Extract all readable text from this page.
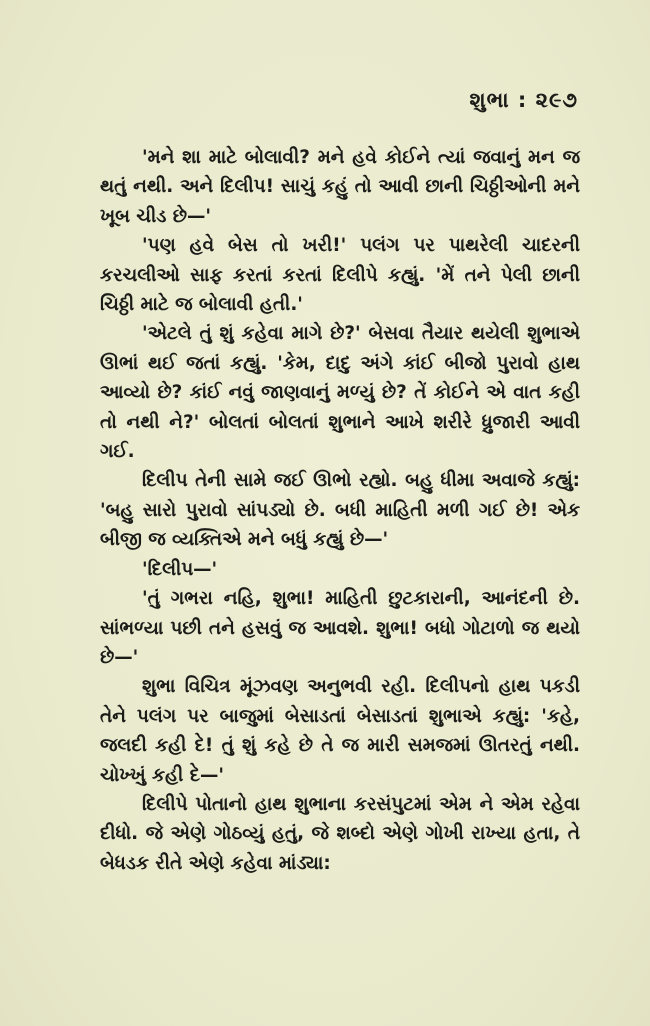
શુભા : ૨૯૭

'મને શા માટે બોલાવી? મને હવે કોઈને ત્યાં જવાનું મન જ થતું નથી. અને દિલીપ! સાચું કહું તો આવી છાની ચિઠ્ઠીઓની મને ખૂબ ચીડ છે—'

'પણ હવે બેસ તો ખરી!' પલંગ પર પાથરેલી ચાદરની કરચલીઓ સાફ કરતાં કરતાં દિલીપે કહ્યું. 'મેં તને પેલી છાની ચિઠ્ઠી માટે જ બોલાવી હતી.'

'એટલે તું શું કહેવા માગે છે?' બેસવા તૈયાર થયેલી શુભાએ ઊભાં થઈ જતાં કહ્યું. 'કેમ, દાદુ અંગે કાંઈ બીજો પુરાવો હાથ આવ્યો છે? કાંઈ નવું જાણવાનું મળ્યું છે? તેં કોઈને એ વાત કહી તો નથી ને?' બોલતાં બોલતાં શુભાને આખે શરીરે ધ્રુજારી આવી ગઈ.

દિલીપ તેની સામે જઈ ઊભો રહ્યો. બહુ ધીમા અવાજે કહ્યું: 'બહુ સારો પુરાવો સાંપડ્યો છે. બધી માહિતી મળી ગઈ છે! એક બીજી જ વ્યક્તિએ મને બધું કહ્યું છે—'

'દિલીપ—'

'તું ગભરા નહિ, શુભા! માહિતી છુટકારાની, આનંદની છે. સાંભળ્યા પછી તને હસવું જ આવશે. શુભા! બધો ગોટાળો જ થયો છે—'

શુભા વિચિત્ર મૂંઝવણ અનુભવી રહી. દિલીપનો હાથ પકડી તેને પલંગ પર બાજુમાં બેસાડતાં બેસાડતાં શુભાએ કહ્યું: 'કહે, જલદી કહી દે! તું શું કહે છે તે જ મારી સમજમાં ઊતરતું નથી. ચોખ્ખું કહી દે—'

દિલીપે પોતાનો હાથ શુભાના કરસંપુટમાં એમ ને એમ રહેવા દીધો. જે એણે ગોઠવ્યું હતું, જે શબ્દો એણે ગોખી રાખ્યા હતા, તે બેધડક રીતે એણે કહેવા માંડ્યા:
